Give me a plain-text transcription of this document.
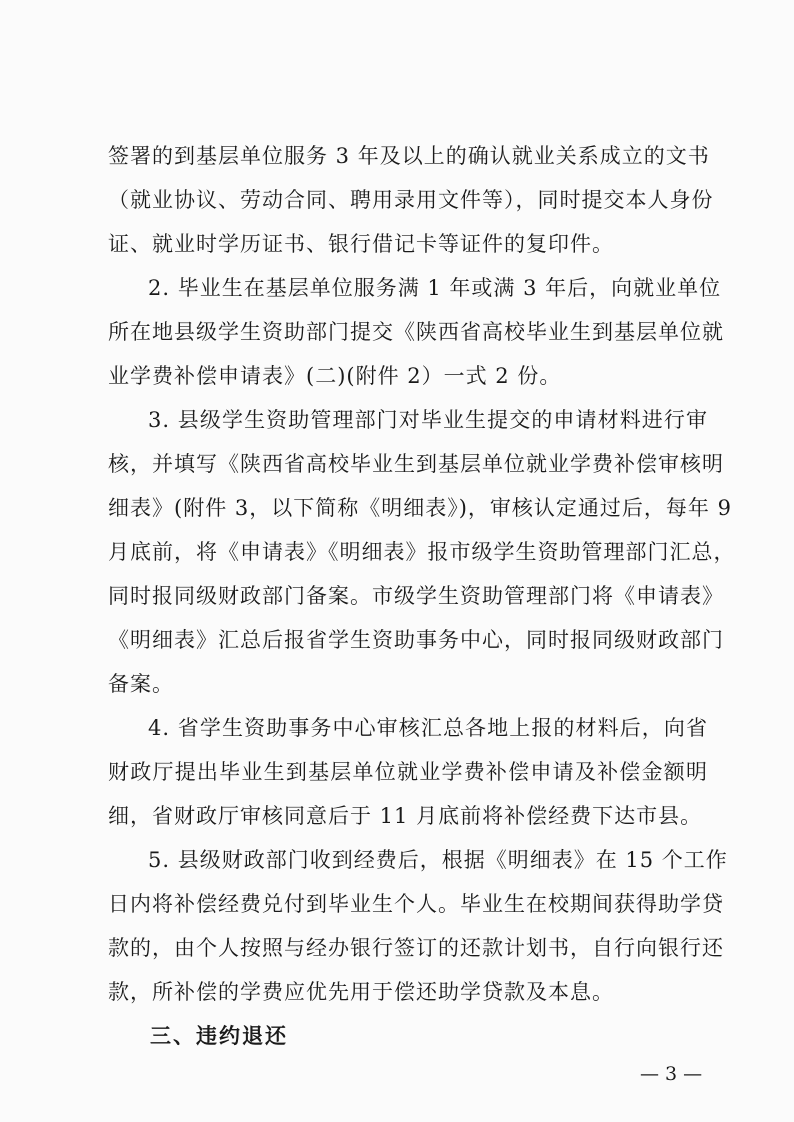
签署的到基层单位服务 3 年及以上的确认就业关系成立的文书
（就业协议、劳动合同、聘用录用文件等），同时提交本人身份
证、就业时学历证书、银行借记卡等证件的复印件。
2. 毕业生在基层单位服务满 1 年或满 3 年后，向就业单位
所在地县级学生资助部门提交《陕西省高校毕业生到基层单位就
业学费补偿申请表》(二)(附件 2）一式 2 份。
3. 县级学生资助管理部门对毕业生提交的申请材料进行审
核，并填写《陕西省高校毕业生到基层单位就业学费补偿审核明
细表》(附件 3，以下简称《明细表》)，审核认定通过后，每年 9
月底前，将《申请表》《明细表》报市级学生资助管理部门汇总，
同时报同级财政部门备案。市级学生资助管理部门将《申请表》
《明细表》汇总后报省学生资助事务中心，同时报同级财政部门
备案。
4. 省学生资助事务中心审核汇总各地上报的材料后，向省
财政厅提出毕业生到基层单位就业学费补偿申请及补偿金额明
细，省财政厅审核同意后于 11 月底前将补偿经费下达市县。
5. 县级财政部门收到经费后，根据《明细表》在 15 个工作
日内将补偿经费兑付到毕业生个人。毕业生在校期间获得助学贷
款的，由个人按照与经办银行签订的还款计划书，自行向银行还
款，所补偿的学费应优先用于偿还助学贷款及本息。
三、违约退还
— 3 —
